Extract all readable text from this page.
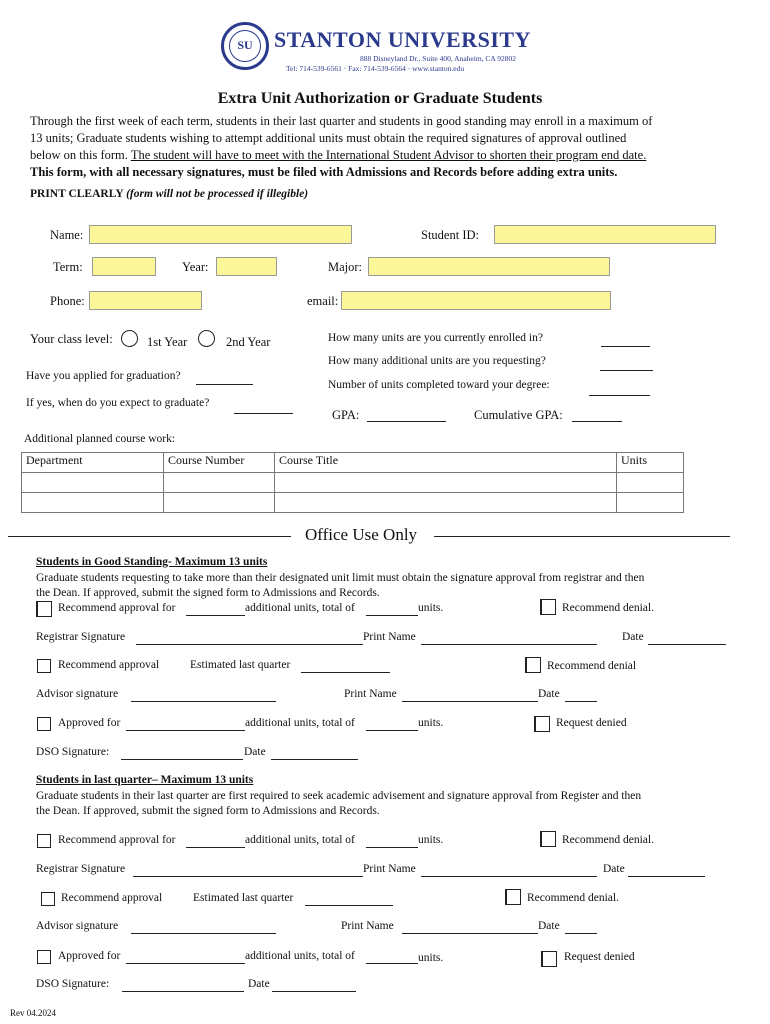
SU STANTON UNIVERSITY
888 Disneyland Dr., Suite 400, Anaheim, CA 92802
Tel: 714-539-6561 · Fax: 714-539-6564 · www.stanton.edu
Extra Unit Authorization or Graduate Students
Through the first week of each term, students in their last quarter and students in good standing may enroll in a maximum of
13 units; Graduate students wishing to attempt additional units must obtain the required signatures of approval outlined
below on this form. The student will have to meet with the International Student Advisor to shorten their program end date.
This form, with all necessary signatures, must be filed with Admissions and Records before adding extra units.
PRINT CLEARLY (form will not be processed if illegible)
Name:	Student ID:
Term:	Year:	Major:
Phone:	email:
Your class level:	1st Year	2nd Year	How many units are you currently enrolled in?
How many additional units are you requesting?
Have you applied for graduation?
Number of units completed toward your degree:
If yes, when do you expect to graduate?
GPA:	Cumulative GPA:
Additional planned course work:
Department	Course Number	Course Title	Units

Office Use Only
Students in Good Standing- Maximum 13 units
Graduate students requesting to take more than their designated unit limit must obtain the signature approval from registrar and then
the Dean. If approved, submit the signed form to Admissions and Records.
Recommend approval for	additional units, total of	units.	Recommend denial.
Registrar Signature	Print Name	Date
Recommend approval	Estimated last quarter	Recommend denial
Advisor signature	Print Name	Date
Approved for	additional units, total of	units.	Request denied
DSO Signature:	Date
Students in last quarter– Maximum 13 units
Graduate students in their last quarter are first required to seek academic advisement and signature approval from Register and then
the Dean. If approved, submit the signed form to Admissions and Records.
Recommend approval for	additional units, total of	units.	Recommend denial.
Registrar Signature	Print Name	Date
Recommend approval	Estimated last quarter	Recommend denial.
Advisor signature	Print Name	Date
Approved for	additional units, total of	units.	Request denied
DSO Signature:	Date
Rev 04.2024
